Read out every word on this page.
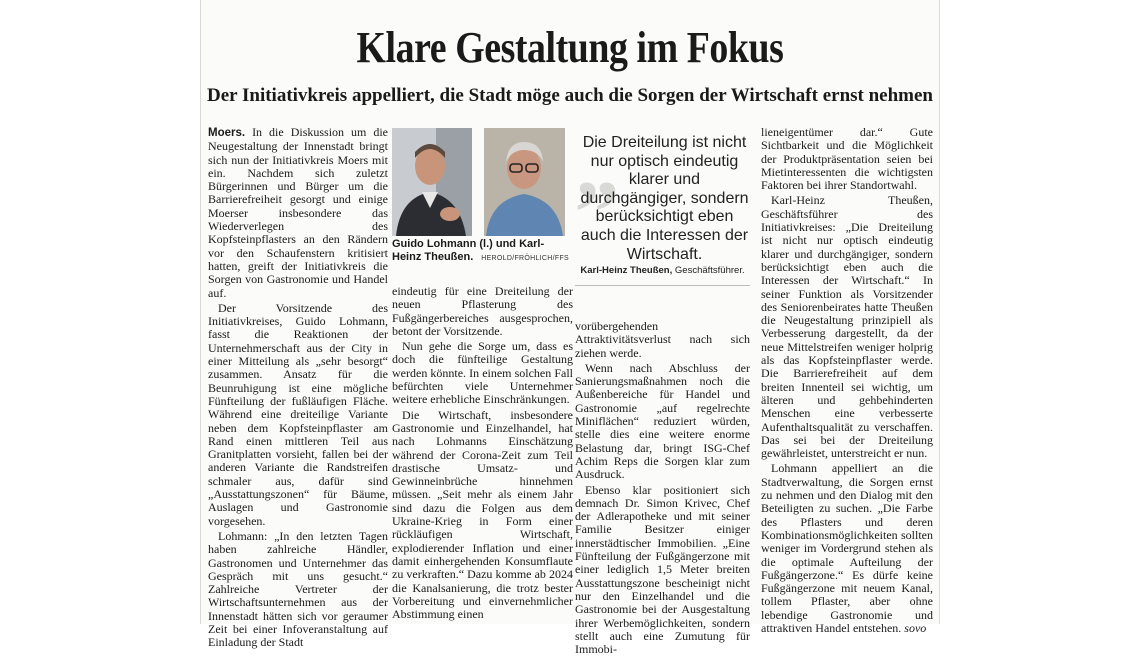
Klare Gestaltung im Fokus
Der Initiativkreis appelliert, die Stadt möge auch die Sorgen der Wirtschaft ernst nehmen

Moers. In die Diskussion um die Neugestaltung der Innenstadt bringt sich nun der Initiativkreis Moers mit ein. Nachdem sich zuletzt Bürgerinnen und Bürger um die Barrierefreiheit gesorgt und einige Moerser insbesondere das Wiederverlegen des Kopfsteinpflasters an den Rändern vor den Schaufenstern kritisiert hatten, greift der Initiativkreis die Sorgen von Gastronomie und Handel auf.

Der Vorsitzende des Initiativkreises, Guido Lohmann, fasst die Reaktionen der Unternehmerschaft aus der City in einer Mitteilung als „sehr besorgt“ zusammen. Ansatz für die Beunruhigung ist eine mögliche Fünfteilung der fußläufigen Fläche. Während eine dreiteilige Variante neben dem Kopfsteinpflaster am Rand einen mittleren Teil aus Granitplatten vorsieht, fallen bei der anderen Variante die Randstreifen schmaler aus, dafür sind „Ausstattungszonen“ für Bäume, Auslagen und Gastronomie vorgesehen.

Lohmann: „In den letzten Tagen haben zahlreiche Händler, Gastronomen und Unternehmer das Gespräch mit uns gesucht.“ Zahlreiche Vertreter der Wirtschaftsunternehmen aus der Innenstadt hätten sich vor geraumer Zeit bei einer Infoveranstaltung auf Einladung der Stadt

Guido Lohmann (l.) und Karl-Heinz Theußen.	HEROLD/FRÖHLICH/FFS

eindeutig für eine Dreiteilung der neuen Pflasterung des Fußgängerbereiches ausgesprochen, betont der Vorsitzende.

Nun gehe die Sorge um, dass es doch die fünfteilige Gestaltung werden könnte. In einem solchen Fall befürchten viele Unternehmer weitere erhebliche Einschränkungen.

Die Wirtschaft, insbesondere Gastronomie und Einzelhandel, hat nach Lohmanns Einschätzung während der Corona-Zeit zum Teil drastische Umsatz- und Gewinneinbrüche hinnehmen müssen. „Seit mehr als einem Jahr sind dazu die Folgen aus dem Ukraine-Krieg in Form einer rückläufigen Wirtschaft, explodierender Inflation und einer damit einhergehenden Konsumflaute zu verkraften.“ Dazu komme ab 2024 die Kanalsanierung, die trotz bester Vorbereitung und einvernehmlicher Abstimmung einen

„
Die Dreiteilung ist nicht nur optisch eindeutig klarer und durchgängiger, sondern berücksichtigt eben auch die Interessen der Wirtschaft.
Karl-Heinz Theußen, Geschäftsführer.

vorübergehenden Attraktivitätsverlust nach sich ziehen werde.

Wenn nach Abschluss der Sanierungsmaßnahmen noch die Außenbereiche für Handel und Gastronomie „auf regelrechte Miniflächen“ reduziert würden, stelle dies eine weitere enorme Belastung dar, bringt ISG-Chef Achim Reps die Sorgen klar zum Ausdruck.

Ebenso klar positioniert sich demnach Dr. Simon Krivec, Chef der Adlerapotheke und mit seiner Familie Besitzer einiger innerstädtischer Immobilien. „Eine Fünfteilung der Fußgängerzone mit einer lediglich 1,5 Meter breiten Ausstattungszone bescheinigt nicht nur den Einzelhandel und die Gastronomie bei der Ausgestaltung ihrer Werbemöglichkeiten, sondern stellt auch eine Zumutung für Immobi-

lieneigentümer dar.“ Gute Sichtbarkeit und die Möglichkeit der Produktpräsentation seien bei Mietinteressenten die wichtigsten Faktoren bei ihrer Standortwahl.

Karl-Heinz Theußen, Geschäftsführer des Initiativkreises: „Die Dreiteilung ist nicht nur optisch eindeutig klarer und durchgängiger, sondern berücksichtigt eben auch die Interessen der Wirtschaft.“ In seiner Funktion als Vorsitzender des Seniorenbeirates hatte Theußen die Neugestaltung prinzipiell als Verbesserung dargestellt, da der neue Mittelstreifen weniger holprig als das Kopfsteinpflaster werde. Die Barrierefreiheit auf dem breiten Innenteil sei wichtig, um älteren und gehbehinderten Menschen eine verbesserte Aufenthaltsqualität zu verschaffen. Das sei bei der Dreiteilung gewährleistet, unterstreicht er nun.

Lohmann appelliert an die Stadtverwaltung, die Sorgen ernst zu nehmen und den Dialog mit den Beteiligten zu suchen. „Die Farbe des Pflasters und deren Kombinationsmöglichkeiten sollten weniger im Vordergrund stehen als die optimale Aufteilung der Fußgängerzone.“ Es dürfe keine Fußgängerzone mit neuem Kanal, tollem Pflaster, aber ohne lebendige Gastronomie und attraktiven Handel entstehen. sovo
